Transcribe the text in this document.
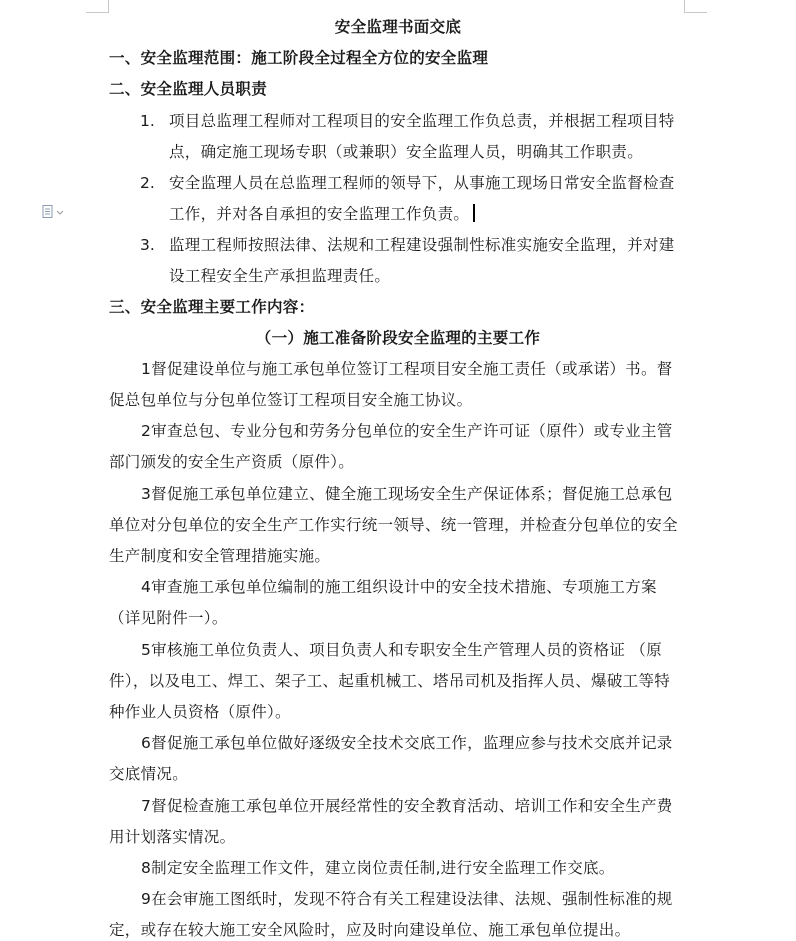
安全监理书面交底
一、安全监理范围：施工阶段全过程全方位的安全监理
二、安全监理人员职责
1. 项目总监理工程师对工程项目的安全监理工作负总责，并根据工程项目特
点，确定施工现场专职（或兼职）安全监理人员，明确其工作职责。
2. 安全监理人员在总监理工程师的领导下，从事施工现场日常安全监督检查
工作，并对各自承担的安全监理工作负责。
3. 监理工程师按照法律、法规和工程建设强制性标准实施安全监理，并对建
设工程安全生产承担监理责任。
三、安全监理主要工作内容：
（一）施工准备阶段安全监理的主要工作
1督促建设单位与施工承包单位签订工程项目安全施工责任（或承诺）书。督
促总包单位与分包单位签订工程项目安全施工协议。
2审查总包、专业分包和劳务分包单位的安全生产许可证（原件）或专业主管
部门颁发的安全生产资质（原件）。
3督促施工承包单位建立、健全施工现场安全生产保证体系；督促施工总承包
单位对分包单位的安全生产工作实行统一领导、统一管理，并检查分包单位的安全
生产制度和安全管理措施实施。
4审查施工承包单位编制的施工组织设计中的安全技术措施、专项施工方案
（详见附件一）。
5审核施工单位负责人、项目负责人和专职安全生产管理人员的资格证 （原
件），以及电工、焊工、架子工、起重机械工、塔吊司机及指挥人员、爆破工等特
种作业人员资格（原件）。
6督促施工承包单位做好逐级安全技术交底工作，监理应参与技术交底并记录
交底情况。
7督促检查施工承包单位开展经常性的安全教育活动、培训工作和安全生产费
用计划落实情况。
8制定安全监理工作文件，建立岗位责任制,进行安全监理工作交底。
9在会审施工图纸时，发现不符合有关工程建设法律、法规、强制性标准的规
定，或存在较大施工安全风险时，应及时向建设单位、施工承包单位提出。
